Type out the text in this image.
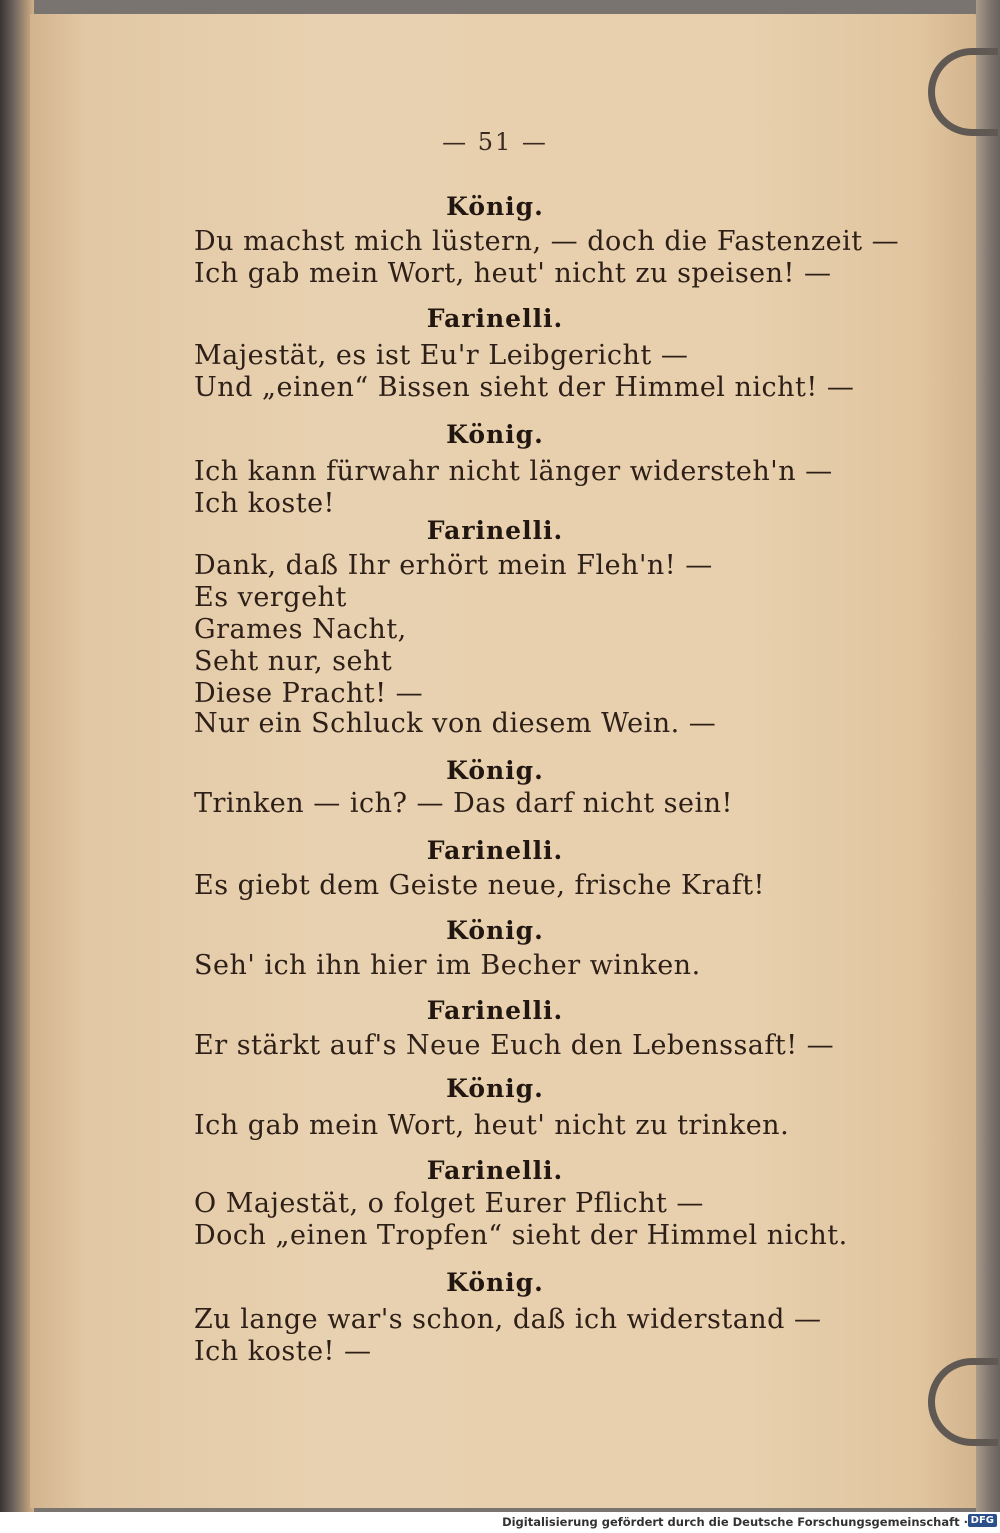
— 51 —
König.
Du machst mich lüstern, — doch die Fastenzeit —
Ich gab mein Wort, heut' nicht zu speisen! —
Farinelli.
Majestät, es ist Eu'r Leibgericht —
Und „einen“ Bissen sieht der Himmel nicht! —
König.
Ich kann fürwahr nicht länger widersteh'n —
Ich koste!
Farinelli.
Dank, daß Ihr erhört mein Fleh'n! —
Es vergeht
Grames Nacht,
Seht nur, seht
Diese Pracht! —
Nur ein Schluck von diesem Wein. —
König.
Trinken — ich? — Das darf nicht sein!
Farinelli.
Es giebt dem Geiste neue, frische Kraft!
König.
Seh' ich ihn hier im Becher winken.
Farinelli.
Er stärkt auf's Neue Euch den Lebenssaft! —
König.
Ich gab mein Wort, heut' nicht zu trinken.
Farinelli.
O Majestät, o folget Eurer Pflicht —
Doch „einen Tropfen“ sieht der Himmel nicht.
König.
Zu lange war's schon, daß ich widerstand —
Ich koste! —
Digitalisierung gefördert durch die Deutsche Forschungsgemeinschaft · DFG
